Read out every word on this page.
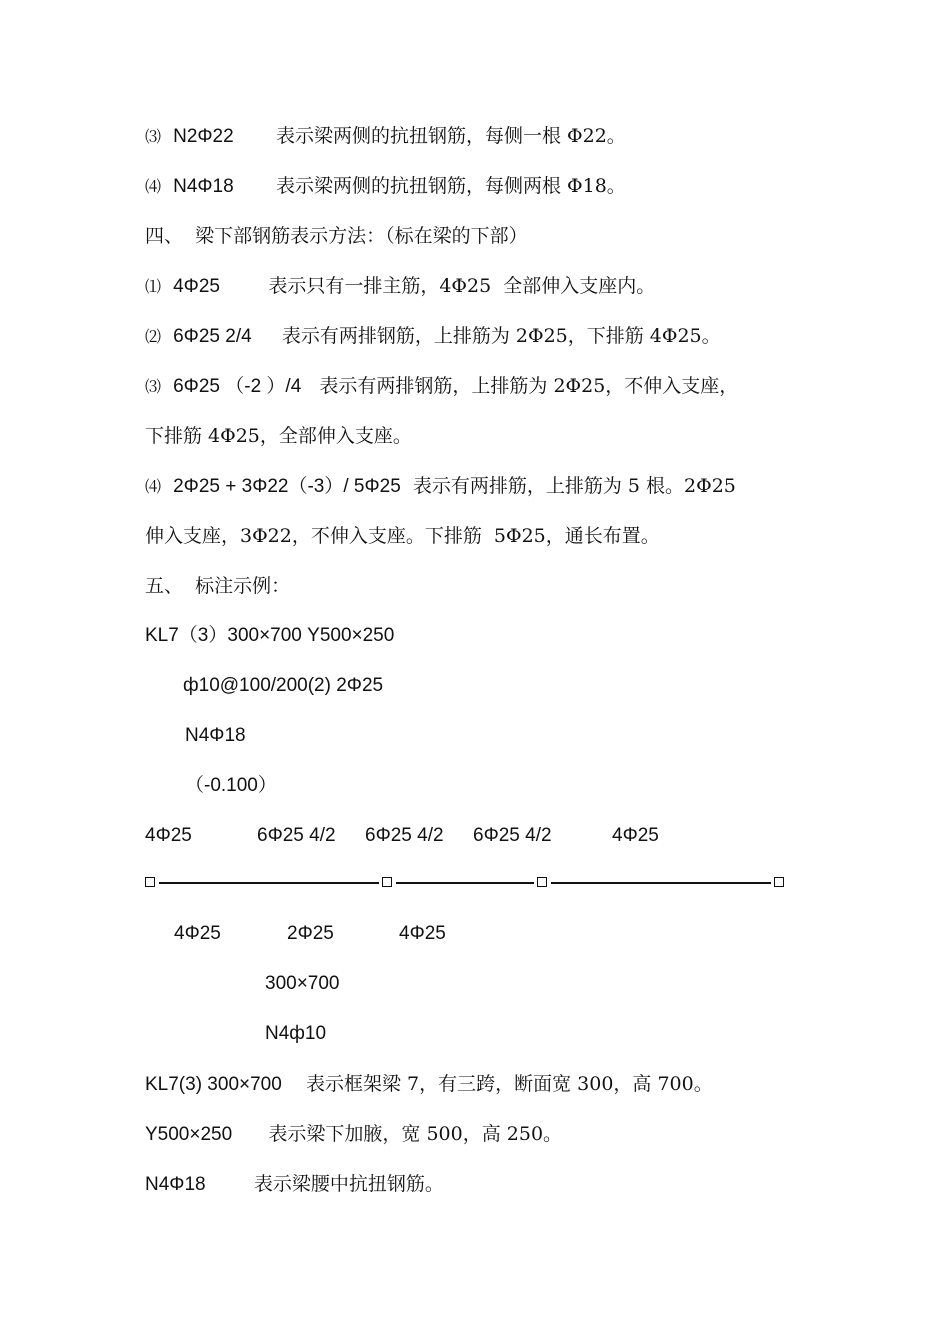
⑶ N2Φ22 表示梁两侧的抗扭钢筋，每侧一根 Φ22。
⑷ N4Φ18 表示梁两侧的抗扭钢筋，每侧两根 Φ18。
四、  梁下部钢筋表示方法：（标在梁的下部）
⑴ 4Φ25	表示只有一排主筋，4Φ25  全部伸入支座内。
⑵ 6Φ25 2/4 表示有两排钢筋，上排筋为 2Φ25，下排筋 4Φ25。
⑶ 6Φ25 （-2 ）/4 表示有两排钢筋，上排筋为 2Φ25，不伸入支座，
下排筋 4Φ25，全部伸入支座。
⑷ 2Φ25 + 3Φ22（-3）/ 5Φ25 表示有两排筋，上排筋为 5 根。2Φ25
伸入支座，3Φ22，不伸入支座。下排筋  5Φ25，通长布置。
五、  标注示例：
KL7（3）300×700 Y500×250
ф10@100/200(2) 2Φ25
N4Φ18
（-0.100）
4Φ25	6Φ25 4/2 6Φ25 4/2 6Φ25 4/2	4Φ25
4Φ25	2Φ25	4Φ25
300×700
N4ф10
KL7(3) 300×700 表示框架梁 7，有三跨，断面宽 300，高 700。
Y500×250 表示梁下加腋，宽 500，高 250。
N4Φ18	表示梁腰中抗扭钢筋。
